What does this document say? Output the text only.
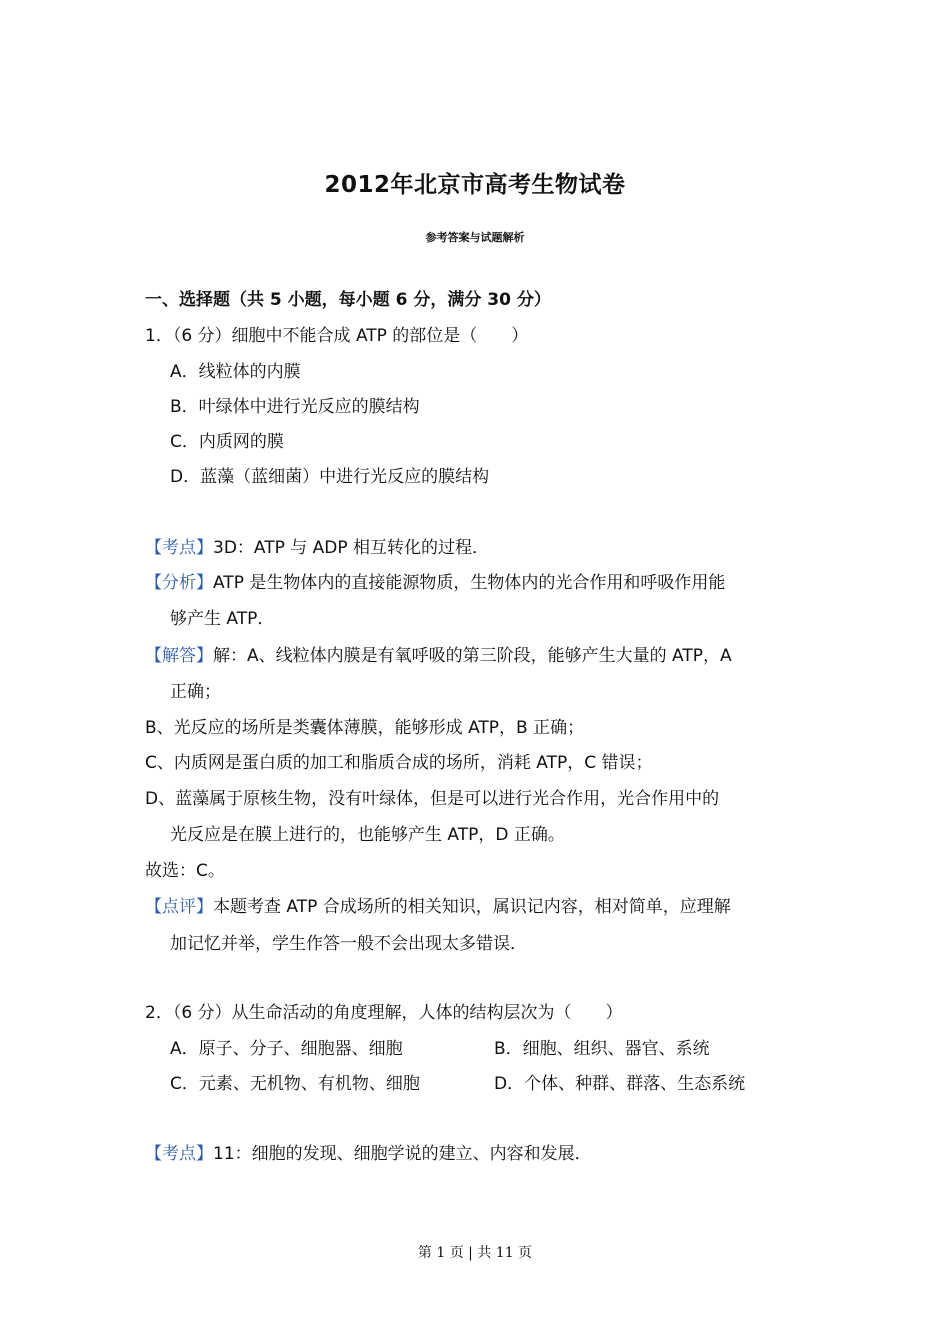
2012年北京市高考生物试卷
参考答案与试题解析
一、选择题（共 5 小题，每小题 6 分，满分 30 分）
1．（6 分）细胞中不能合成 ATP 的部位是（　　）
A．线粒体的内膜
B．叶绿体中进行光反应的膜结构
C．内质网的膜
D．蓝藻（蓝细菌）中进行光反应的膜结构
【考点】3D：ATP 与 ADP 相互转化的过程．
【分析】ATP 是生物体内的直接能源物质，生物体内的光合作用和呼吸作用能
够产生 ATP．
【解答】解：A、线粒体内膜是有氧呼吸的第三阶段，能够产生大量的 ATP，A
正确；
B、光反应的场所是类囊体薄膜，能够形成 ATP，B 正确；
C、内质网是蛋白质的加工和脂质合成的场所，消耗 ATP，C 错误；
D、蓝藻属于原核生物，没有叶绿体，但是可以进行光合作用，光合作用中的
光反应是在膜上进行的，也能够产生 ATP，D 正确。
故选：C。
【点评】本题考查 ATP 合成场所的相关知识，属识记内容，相对简单，应理解
加记忆并举，学生作答一般不会出现太多错误．
2．（6 分）从生命活动的角度理解，人体的结构层次为（　　）
A．原子、分子、细胞器、细胞	B．细胞、组织、器官、系统
C．元素、无机物、有机物、细胞	D．个体、种群、群落、生态系统
【考点】11：细胞的发现、细胞学说的建立、内容和发展．
第 1 页 | 共 11 页
